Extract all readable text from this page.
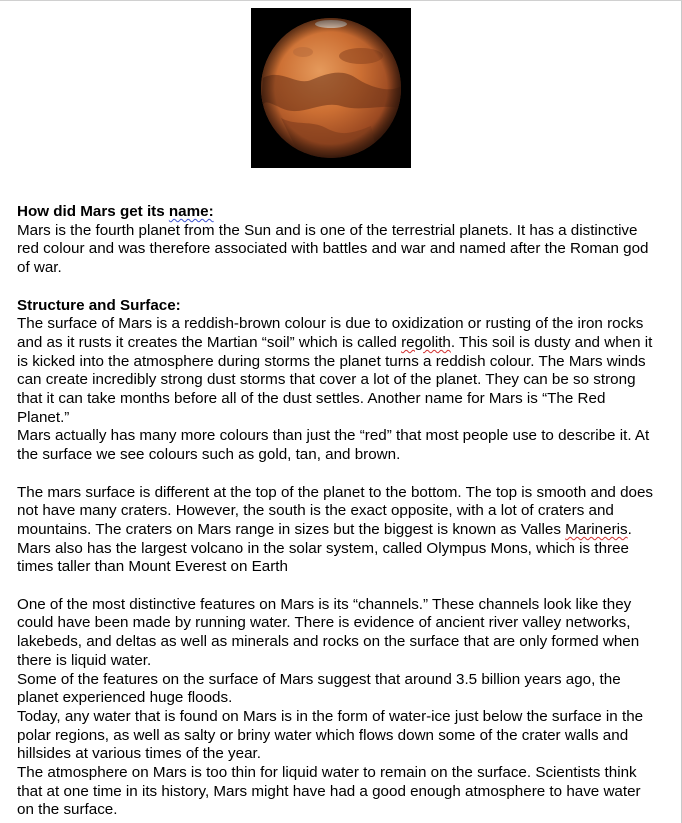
How did Mars get its name:

Mars is the fourth planet from the Sun and is one of the terrestrial planets. It has a distinctive red colour and was therefore associated with battles and war and named after the Roman god of war.

Structure and Surface:

The surface of Mars is a reddish-brown colour is due to oxidization or rusting of the iron rocks and as it rusts it creates the Martian “soil” which is called regolith. This soil is dusty and when it is kicked into the atmosphere during storms the planet turns a reddish colour. The Mars winds can create incredibly strong dust storms that cover a lot of the planet. They can be so strong that it can take months before all of the dust settles. Another name for Mars is “The Red Planet.”

Mars actually has many more colours than just the “red” that most people use to describe it. At the surface we see colours such as gold, tan, and brown.

The mars surface is different at the top of the planet to the bottom. The top is smooth and does not have many craters. However, the south is the exact opposite, with a lot of craters and mountains. The craters on Mars range in sizes but the biggest is known as Valles Marineris. Mars also has the largest volcano in the solar system, called Olympus Mons, which is three times taller than Mount Everest on Earth

One of the most distinctive features on Mars is its “channels.” These channels look like they could have been made by running water. There is evidence of ancient river valley networks, lakebeds, and deltas as well as minerals and rocks on the surface that are only formed when there is liquid water.

Some of the features on the surface of Mars suggest that around 3.5 billion years ago, the planet experienced huge floods.

Today, any water that is found on Mars is in the form of water-ice just below the surface in the polar regions, as well as salty or briny water which flows down some of the crater walls and hillsides at various times of the year.

The atmosphere on Mars is too thin for liquid water to remain on the surface. Scientists think that at one time in its history, Mars might have had a good enough atmosphere to have water on the surface.
